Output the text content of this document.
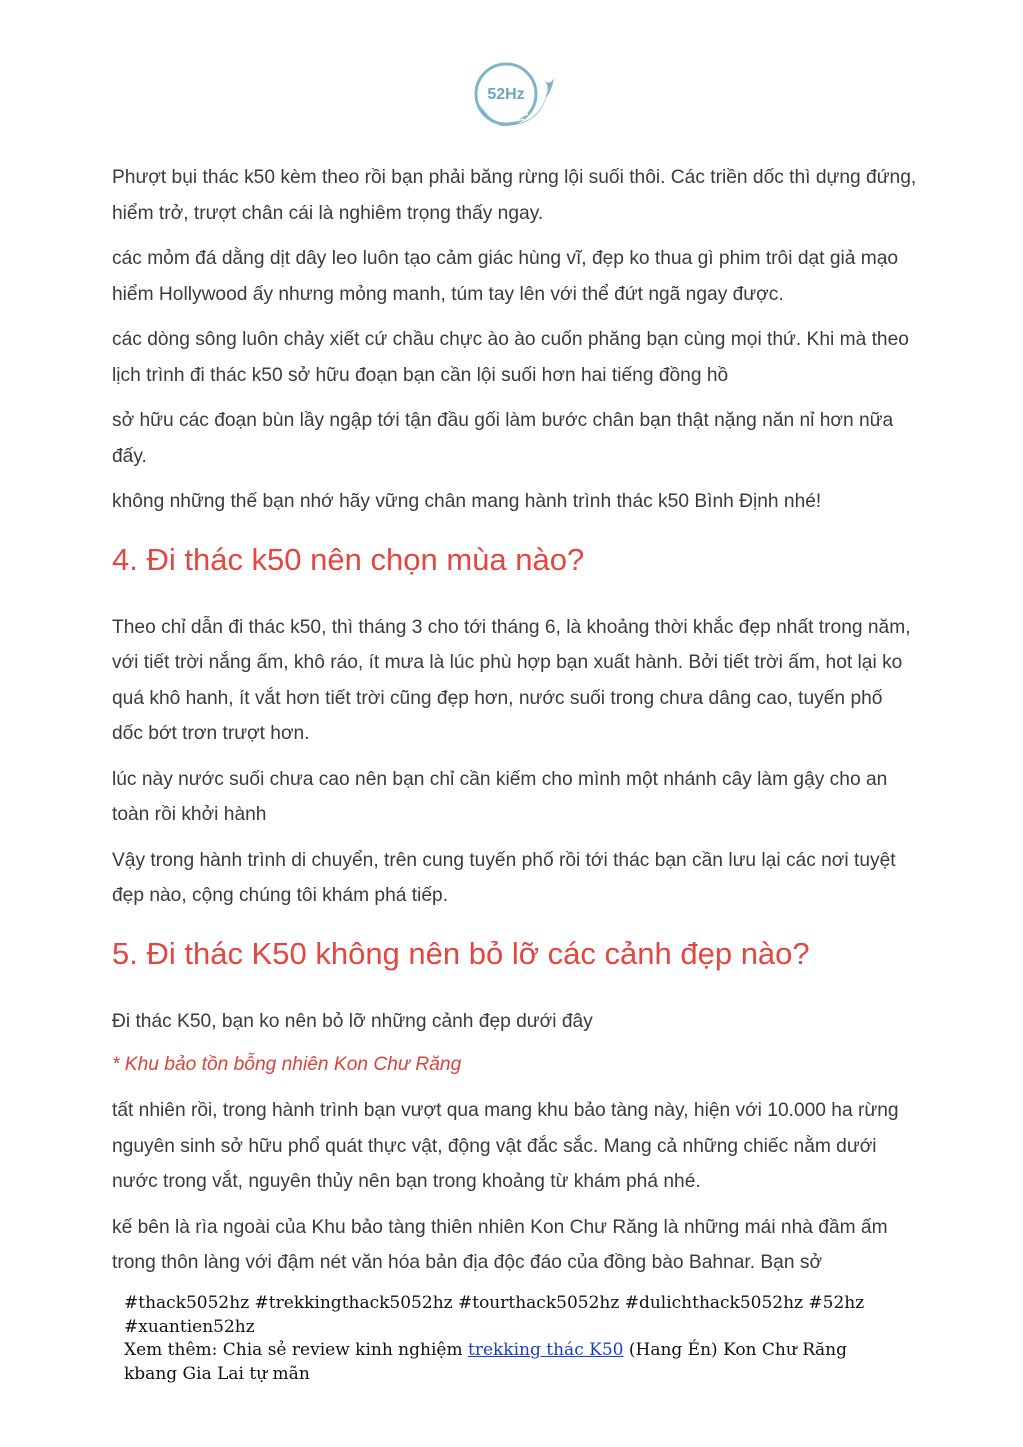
52Hz

Phượt bụi thác k50 kèm theo rồi bạn phải băng rừng lội suối thôi. Các triền dốc thì dựng đứng, hiểm trở, trượt chân cái là nghiêm trọng thấy ngay.

các mỏm đá dằng dịt dây leo luôn tạo cảm giác hùng vĩ, đẹp ko thua gì phim trôi dạt giả mạo hiểm Hollywood ấy nhưng mỏng manh, túm tay lên với thể đứt ngã ngay được.

các dòng sông luôn chảy xiết cứ chầu chực ào ào cuốn phăng bạn cùng mọi thứ. Khi mà theo lịch trình đi thác k50 sở hữu đoạn bạn cần lội suối hơn hai tiếng đồng hồ

sở hữu các đoạn bùn lầy ngập tới tận đầu gối làm bước chân bạn thật nặng năn nỉ hơn nữa đấy.

không những thế bạn nhớ hãy vững chân mang hành trình thác k50 Bình Định nhé!

4. Đi thác k50 nên chọn mùa nào?

Theo chỉ dẫn đi thác k50, thì tháng 3 cho tới tháng 6, là khoảng thời khắc đẹp nhất trong năm, với tiết trời nắng ấm, khô ráo, ít mưa là lúc phù hợp bạn xuất hành. Bởi tiết trời ấm, hot lại ko quá khô hanh, ít vắt hơn tiết trời cũng đẹp hơn, nước suối trong chưa dâng cao, tuyến phố dốc bớt trơn trượt hơn.

lúc này nước suối chưa cao nên bạn chỉ cần kiếm cho mình một nhánh cây làm gậy cho an toàn rồi khởi hành

Vậy trong hành trình di chuyển, trên cung tuyến phố rồi tới thác bạn cần lưu lại các nơi tuyệt đẹp nào, cộng chúng tôi khám phá tiếp.

5. Đi thác K50 không nên bỏ lỡ các cảnh đẹp nào?

Đi thác K50, bạn ko nên bỏ lỡ những cảnh đẹp dưới đây

* Khu bảo tồn bỗng nhiên Kon Chư Răng

tất nhiên rồi, trong hành trình bạn vượt qua mang khu bảo tàng này, hiện với 10.000 ha rừng nguyên sinh sở hữu phổ quát thực vật, động vật đắc sắc. Mang cả những chiếc nằm dưới nước trong vắt, nguyên thủy nên bạn trong khoảng từ khám phá nhé.

kế bên là rìa ngoài của Khu bảo tàng thiên nhiên Kon Chư Răng là những mái nhà đầm ấm trong thôn làng với đậm nét văn hóa bản địa độc đáo của đồng bào Bahnar. Bạn sở

#thack5052hz #trekkingthack5052hz #tourthack5052hz #dulichthack5052hz #52hz #xuantien52hz
Xem thêm: Chia sẻ review kinh nghiệm trekking thác K50 (Hang Én) Kon Chư Răng kbang Gia Lai tự mãn
